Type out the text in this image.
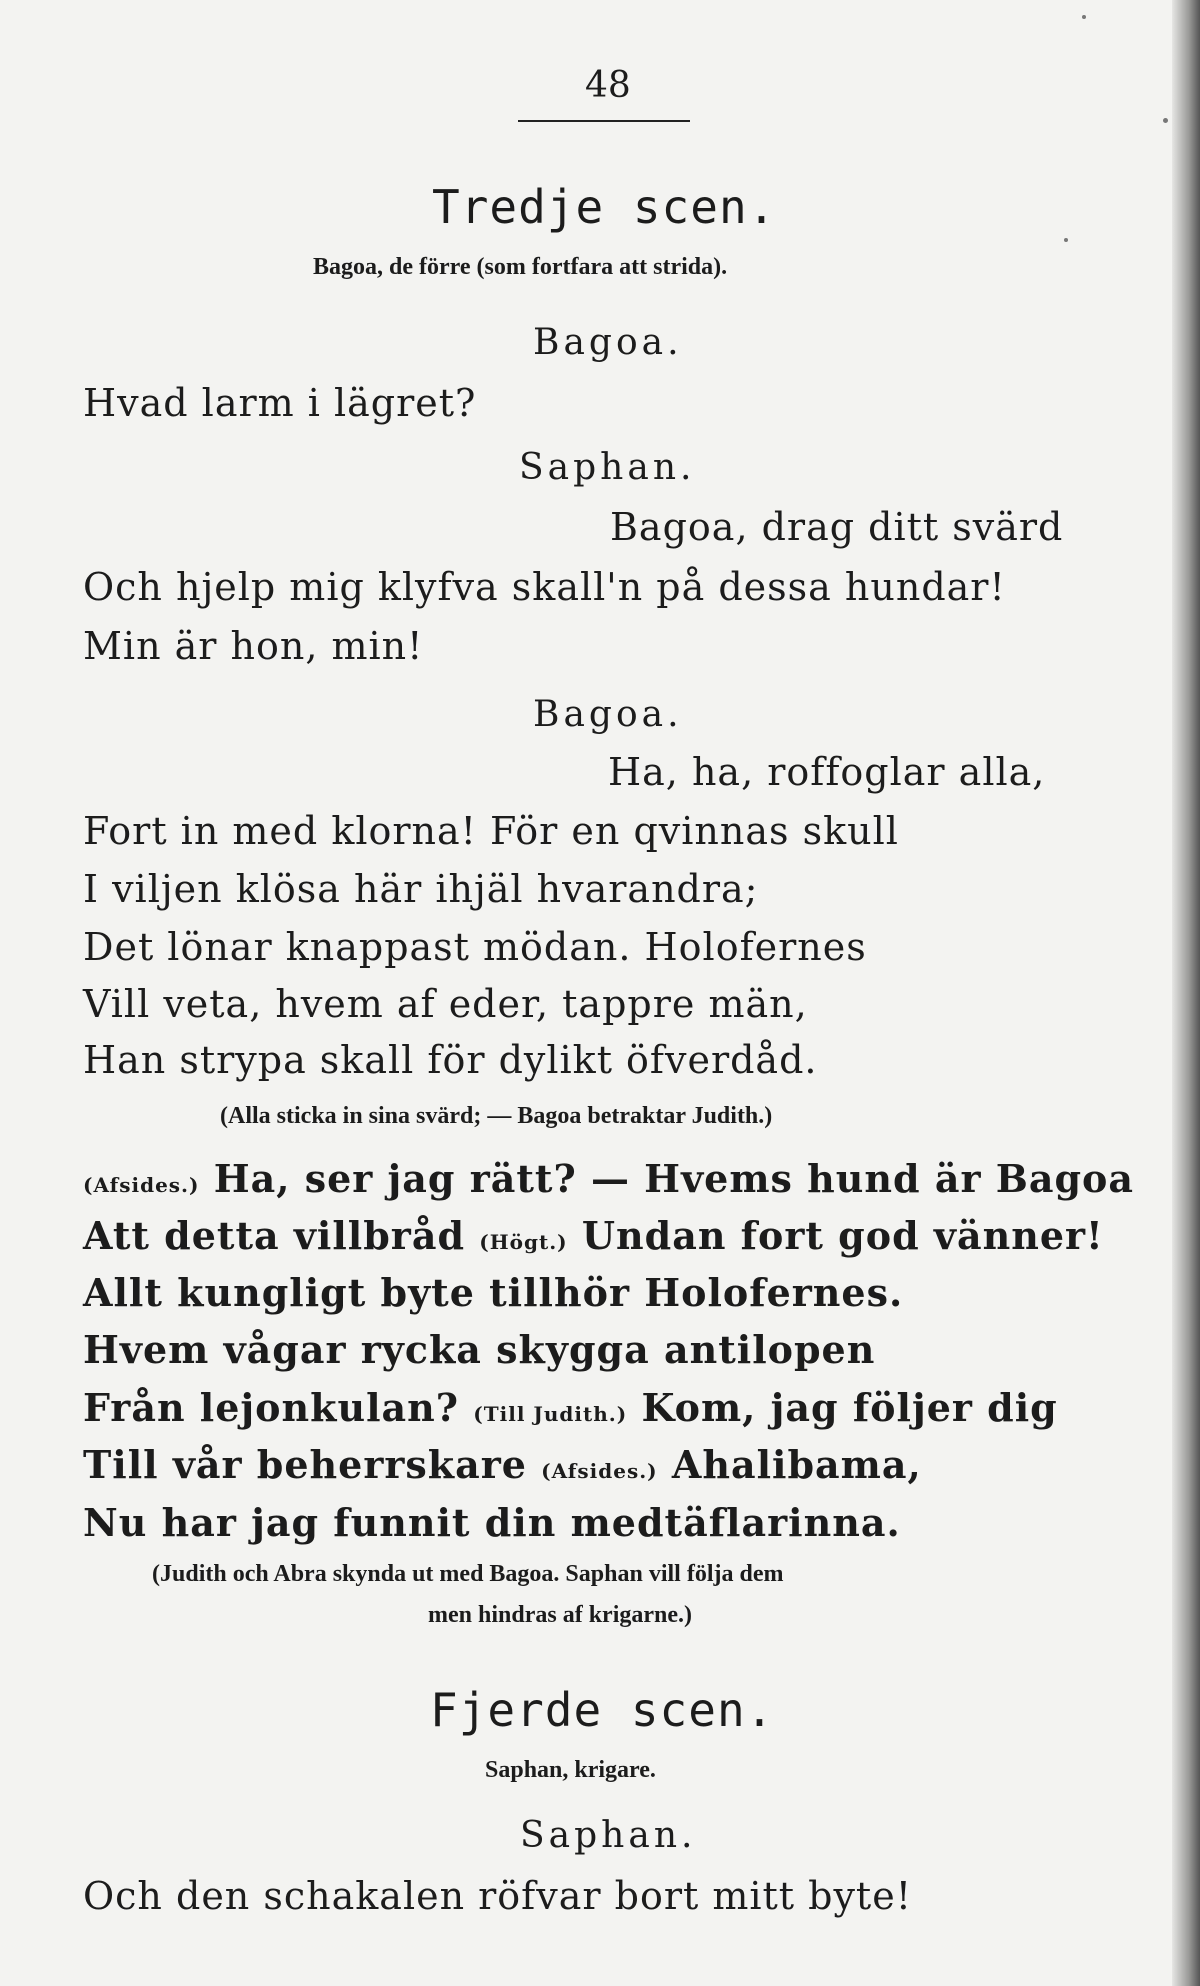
48
Tredje scen.
Bagoa, de förre (som fortfara att strida).
Bagoa.
Hvad larm i lägret?
Saphan.
Bagoa, drag ditt svärd
Och hjelp mig klyfva skall'n på dessa hundar!
Min är hon, min!
Bagoa.
Ha, ha, roffoglar alla,
Fort in med klorna! För en qvinnas skull
I viljen klösa här ihjäl hvarandra;
Det lönar knappast mödan. Holofernes
Vill veta, hvem af eder, tappre män,
Han strypa skall för dylikt öfverdåd.
(Alla sticka in sina svärd; — Bagoa betraktar Judith.)
(Afsides.) Ha, ser jag rätt? — Hvems hund är Bagoa
Att detta villbråd (Högt.) Undan fort god vänner!
Allt kungligt byte tillhör Holofernes.
Hvem vågar rycka skygga antilopen
Från lejonkulan? (Till Judith.) Kom, jag följer dig
Till vår beherrskare (Afsides.) Ahalibama,
Nu har jag funnit din medtäflarinna.
(Judith och Abra skynda ut med Bagoa. Saphan vill följa dem
men hindras af krigarne.)
Fjerde scen.
Saphan, krigare.
Saphan.
Och den schakalen röfvar bort mitt byte!
